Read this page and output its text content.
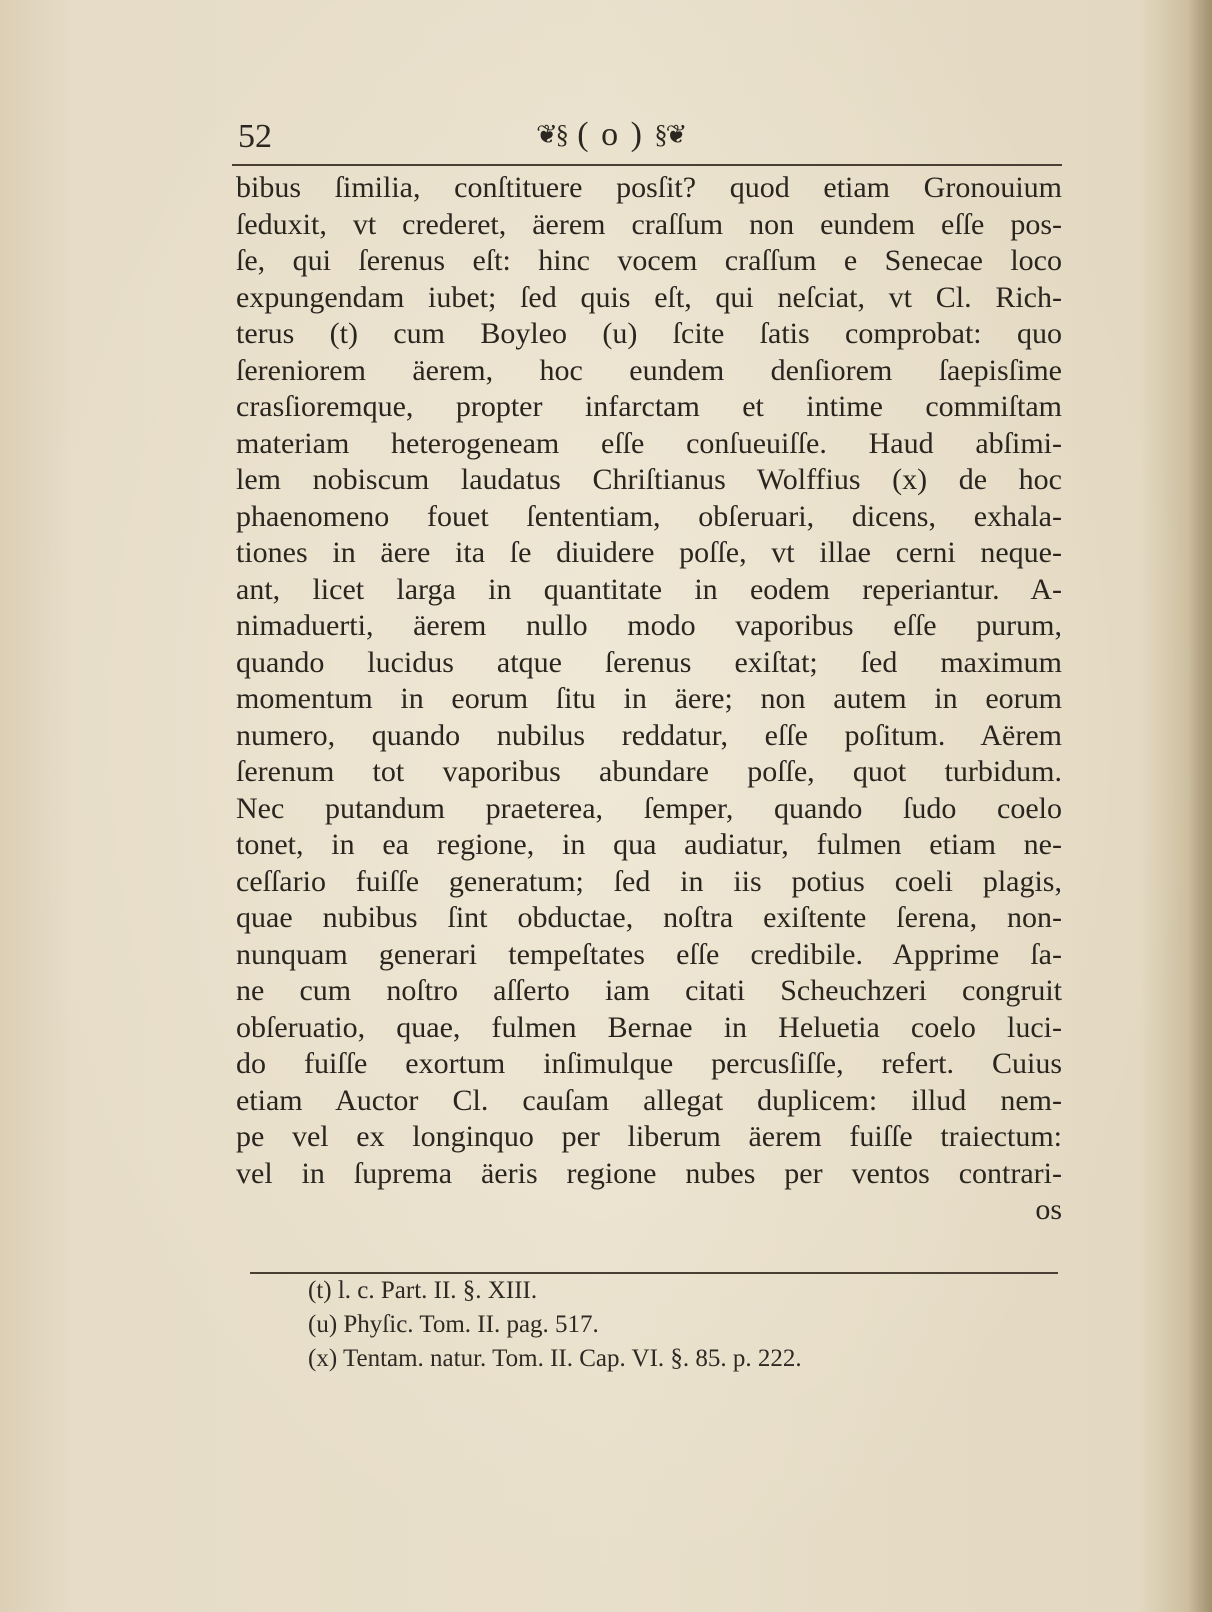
52	❦§ ( o ) §❦
bibus ſimilia, conſtituere posſit? quod etiam Gronouium
ſeduxit, vt crederet, äerem craſſum non eundem eſſe pos-
ſe, qui ſerenus eſt: hinc vocem craſſum e Senecae loco
expungendam iubet; ſed quis eſt, qui neſciat, vt Cl. Rich-
terus (t) cum Boyleo (u) ſcite ſatis comprobat: quo
ſereniorem äerem, hoc eundem denſiorem ſaepisſime
crasſioremque, propter infarctam et intime commiſtam
materiam heterogeneam eſſe conſueuiſſe. Haud abſimi-
lem nobiscum laudatus Chriſtianus Wolffius (x) de hoc
phaenomeno fouet ſententiam, obſeruari, dicens, exhala-
tiones in äere ita ſe diuidere poſſe, vt illae cerni neque-
ant, licet larga in quantitate in eodem reperiantur. A-
nimaduerti, äerem nullo modo vaporibus eſſe purum,
quando lucidus atque ſerenus exiſtat; ſed maximum
momentum in eorum ſitu in äere; non autem in eorum
numero, quando nubilus reddatur, eſſe poſitum. Aërem
ſerenum tot vaporibus abundare poſſe, quot turbidum.
Nec putandum praeterea, ſemper, quando ſudo coelo
tonet, in ea regione, in qua audiatur, fulmen etiam ne-
ceſſario fuiſſe generatum; ſed in iis potius coeli plagis,
quae nubibus ſint obductae, noſtra exiſtente ſerena, non-
nunquam generari tempeſtates eſſe credibile. Apprime ſa-
ne cum noſtro aſſerto iam citati Scheuchzeri congruit
obſeruatio, quae, fulmen Bernae in Heluetia coelo luci-
do fuiſſe exortum inſimulque percusſiſſe, refert. Cuius
etiam Auctor Cl. cauſam allegat duplicem: illud nem-
pe vel ex longinquo per liberum äerem fuiſſe traiectum:
vel in ſuprema äeris regione nubes per ventos contrari-
os
(t) l. c. Part. II. §. XIII.
(u) Phyſic. Tom. II. pag. 517.
(x) Tentam. natur. Tom. II. Cap. VI. §. 85. p. 222.
